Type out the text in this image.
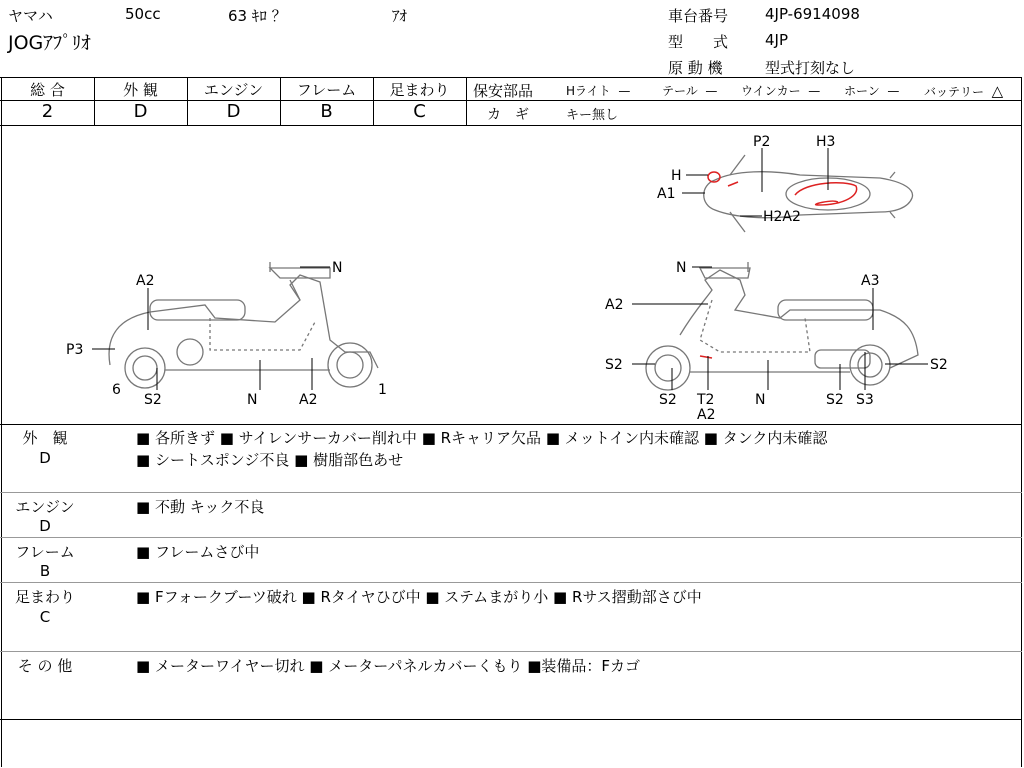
ヤマハ	50cc	63 ｷﾛ ？	ｱｵ
JOGｱﾌﾟﾘｵ
車台番号 4JP-6914098
型　　式 4JP
原 動 機	型式打刻なし
総 合	外 観	エンジン	フレーム	足まわり
2	D	D	B	C
保安部品	Hライト —	テール — ウインカー — ホーン — バッテリー △
カ　ギ	キー無し
N
A2
P3
6
S2	N	A2
1
N
A2
A3
S2
S2 T2
A2
N	S2 S3
S2
P2	H3
H
A1
H2A2
外　観
D
■ 各所きず ■ サイレンサーカバー削れ中 ■ Rキャリア欠品 ■ メットイン内未確認 ■ タンク内未確認
■ シートスポンジ不良 ■ 樹脂部色あせ
エンジン
D
■ 不動 キック不良
フレーム
B
■ フレームさび中
足まわり
C
■ Fフォークブーツ破れ ■ Rタイヤひび中 ■ ステムまがり小 ■ Rサス摺動部さび中
そ の 他	■ メーターワイヤー切れ ■ メーターパネルカバーくもり ■装備品：Fカゴ
